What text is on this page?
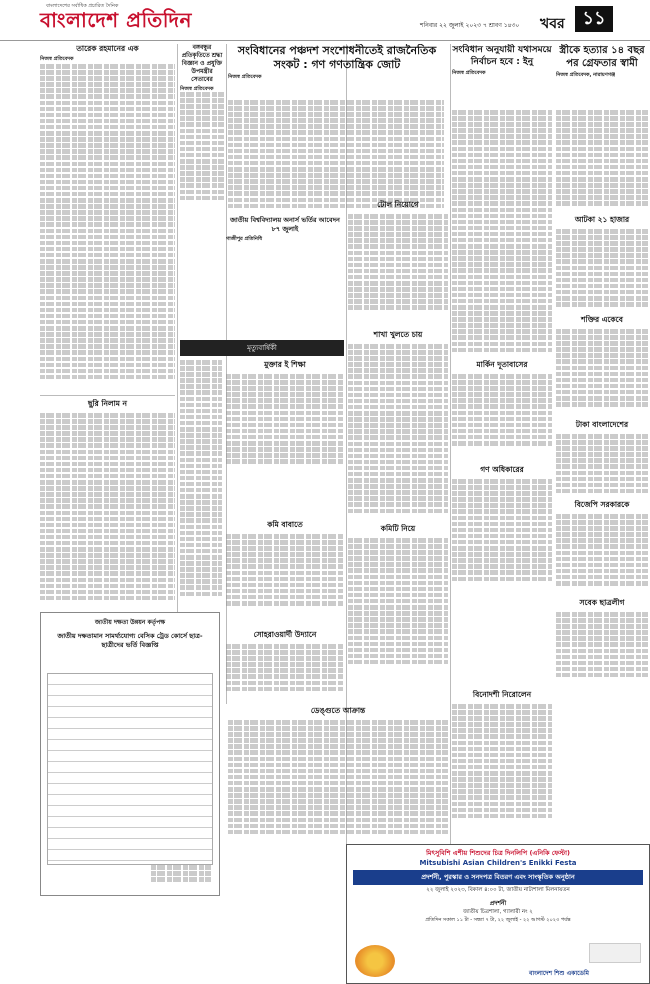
বাংলাদেশের সর্বাধিক প্রচারিত দৈনিক
বাংলাদেশ প্রতিদিন	শনিবার ২২ জুলাই ২০২৩ ৭ শ্রাবণ ১৪৩০ খবর ১১
তারেক রহমানের এক
নিজস্ব প্রতিবেদক
ছুরি নিলাম ন
জাতীয় দক্ষতা উন্নয়ন কর্তৃপক্ষ
জাতীয় দক্ষতামান সামর্থ্যযোগ্য বেসিক ট্রেড কোর্সে ছাত্র-ছাত্রীদের ভর্তি বিজ্ঞপ্তি
বঙ্গবন্ধুর প্রতিকৃতিতে শ্রদ্ধা বিজ্ঞান ও প্রযুক্তি উপমন্ত্রীর সেতাবের
নিজস্ব প্রতিবেদক
জাতীয় বিশ্ববিদ্যালয় অনার্স ভর্তির আবেদন ৮৭ জুলাই
গাজীপুর প্রতিনিধি
মৃত্যুবার্ষিকী
মুক্তার ই শিক্ষা
কমি বাবাতে
সোহরাওয়ার্দী উদ্যানে
সংবিধানের পঞ্চদশ সংশোধনীতেই রাজনৈতিক সংকট : গণ গণতান্ত্রিক জোট
নিজস্ব প্রতিবেদক
টোল নিয়োগে
শাখা খুলতে চায়
কমিটি নিয়ে
ডেঙ্গুতে আক্রান্ত
সংবিধান অনুযায়ী যথাসময়ে নির্বাচন হবে : ইনু
নিজস্ব প্রতিবেদক
মার্কিন দূতাবাসের
গণ অধিকারের
বিনোদশী নিরোলেন
স্ত্রীকে হত্যার ১৪ বছর পর গ্রেফতার স্বামী
নিজস্ব প্রতিবেদক, নারায়ণগঞ্জ
আটকা ২১ হাজার
শক্তির একেবে
টাকা বাংলাদেশের
বিজেপি সরকারকে
সবেক ছাত্রলীগ
মিৎসুবিশি এশীয় শিশুদের চিত্র দিনলিপি (এনিকি ফেস্টা)
Mitsubishi Asian Children's Enikki Festa
প্রদর্শনী, পুরস্কার ও সনদপত্র বিতরণ এবং সাংস্কৃতিক অনুষ্ঠান
২২ জুলাই ২০২৩, বিকাল ৪:০০ টা, জাতীয় নাট্যশালা মিলনায়তন
প্রদর্শনী
জাতীয় চিত্রশালা, গ্যালারী নং ২
প্রতিদিন সকাল ১১ টা - সন্ধ্যা ৭ টা, ২২ জুলাই - ২২ আগস্ট ২০২৩ পর্যন্ত
বাংলাদেশ শিশু একাডেমি
